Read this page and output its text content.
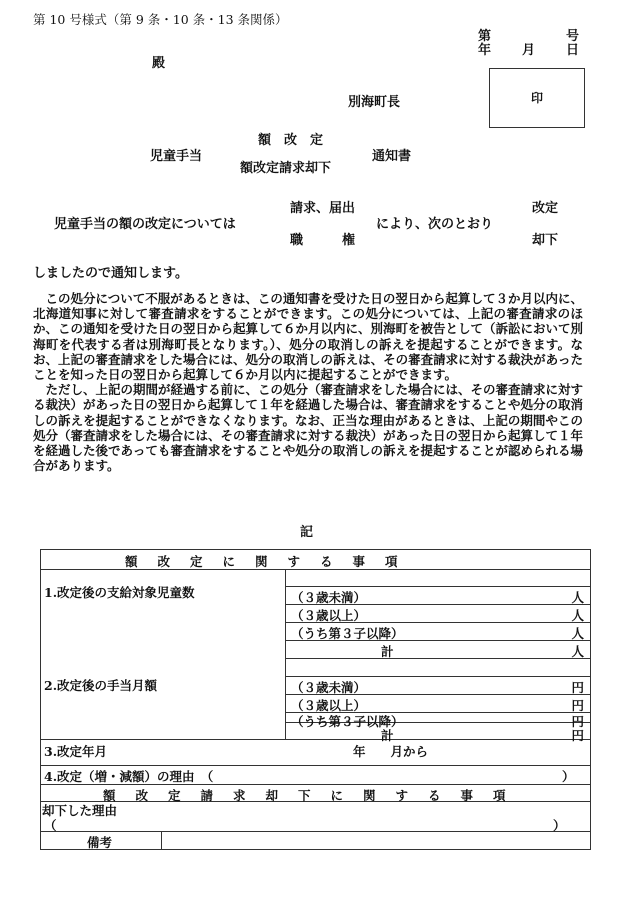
第 10 号様式（第 9 条・10 条・13 条関係）
第	号
年 月 日
殿
別海町長	印
額　改　定
児童手当	通知書
額改定請求却下
請求、届出	改定
児童手当の額の改定については	により、次のとおり
職　　　権	却下
しましたので通知します。

この処分について不服があるときは、この通知書を受けた日の翌日から起算して３か月以内に、北海道知事に対して審査請求をすることができます。この処分については、上記の審査請求のほか、この通知を受けた日の翌日から起算して６か月以内に、別海町を被告として（訴訟において別海町を代表する者は別海町長となります。）、処分の取消しの訴えを提起することができます。なお、上記の審査請求をした場合には、処分の取消しの訴えは、その審査請求に対する裁決があったことを知った日の翌日から起算して６か月以内に提起することができます。

ただし、上記の期間が経過する前に、この処分（審査請求をした場合には、その審査請求に対する裁決）があった日の翌日から起算して１年を経過した場合は、審査請求をすることや処分の取消しの訴えを提起することができなくなります。なお、正当な理由があるときは、上記の期間やこの処分（審査請求をした場合には、その審査請求に対する裁決）があった日の翌日から起算して１年を経過した後であっても審査請求をすることや処分の取消しの訴えを提起することが認められる場合があります。

記
額　改　定　に　関　す　る　事　項
1.改定後の支給対象児童数	（３歳未満）	人
（３歳以上）	人
（うち第３子以降）	人
計	人
2.改定後の手当月額	（３歳未満）	円
（３歳以上）	円
（うち第３子以降）	円
計	円
3.改定年月	年　　月から
4.改定（増・減額）の理由　（	）
額　改　定　請　求　却　下　に　関　す　る　事　項
却下した理由
（	）
備考
